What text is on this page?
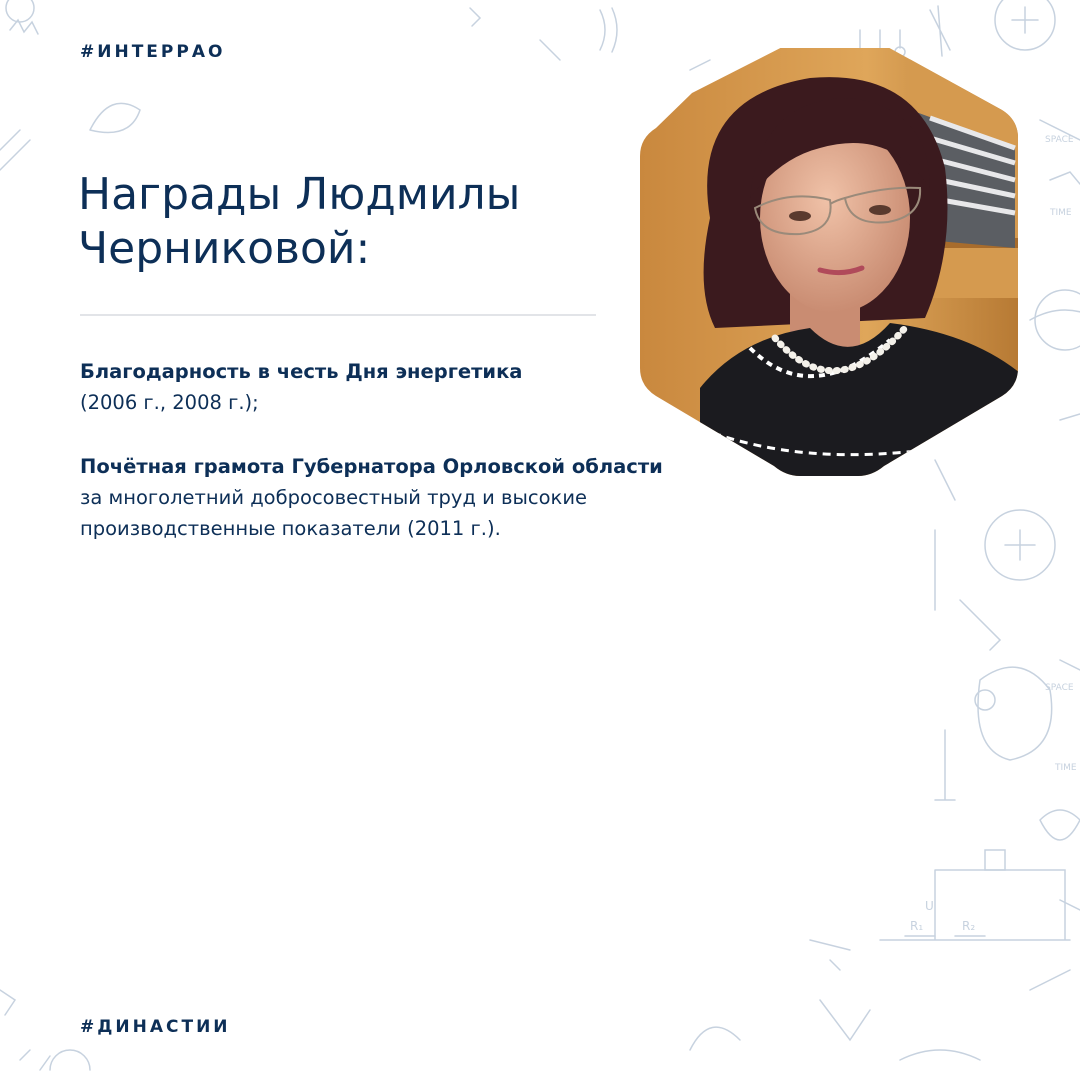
SPACE
TIME
SPACE
TIME
U
R₁	R₂
#ИНТЕРРАО
Награды Людмилы
Черниковой:

Благодарность в честь Дня энергетика
(2006 г., 2008 г.);

Почётная грамота Губернатора Орловской области за многолетний добросовестный труд и высокие производственные показатели (2011 г.).

#ДИНАСТИИ
